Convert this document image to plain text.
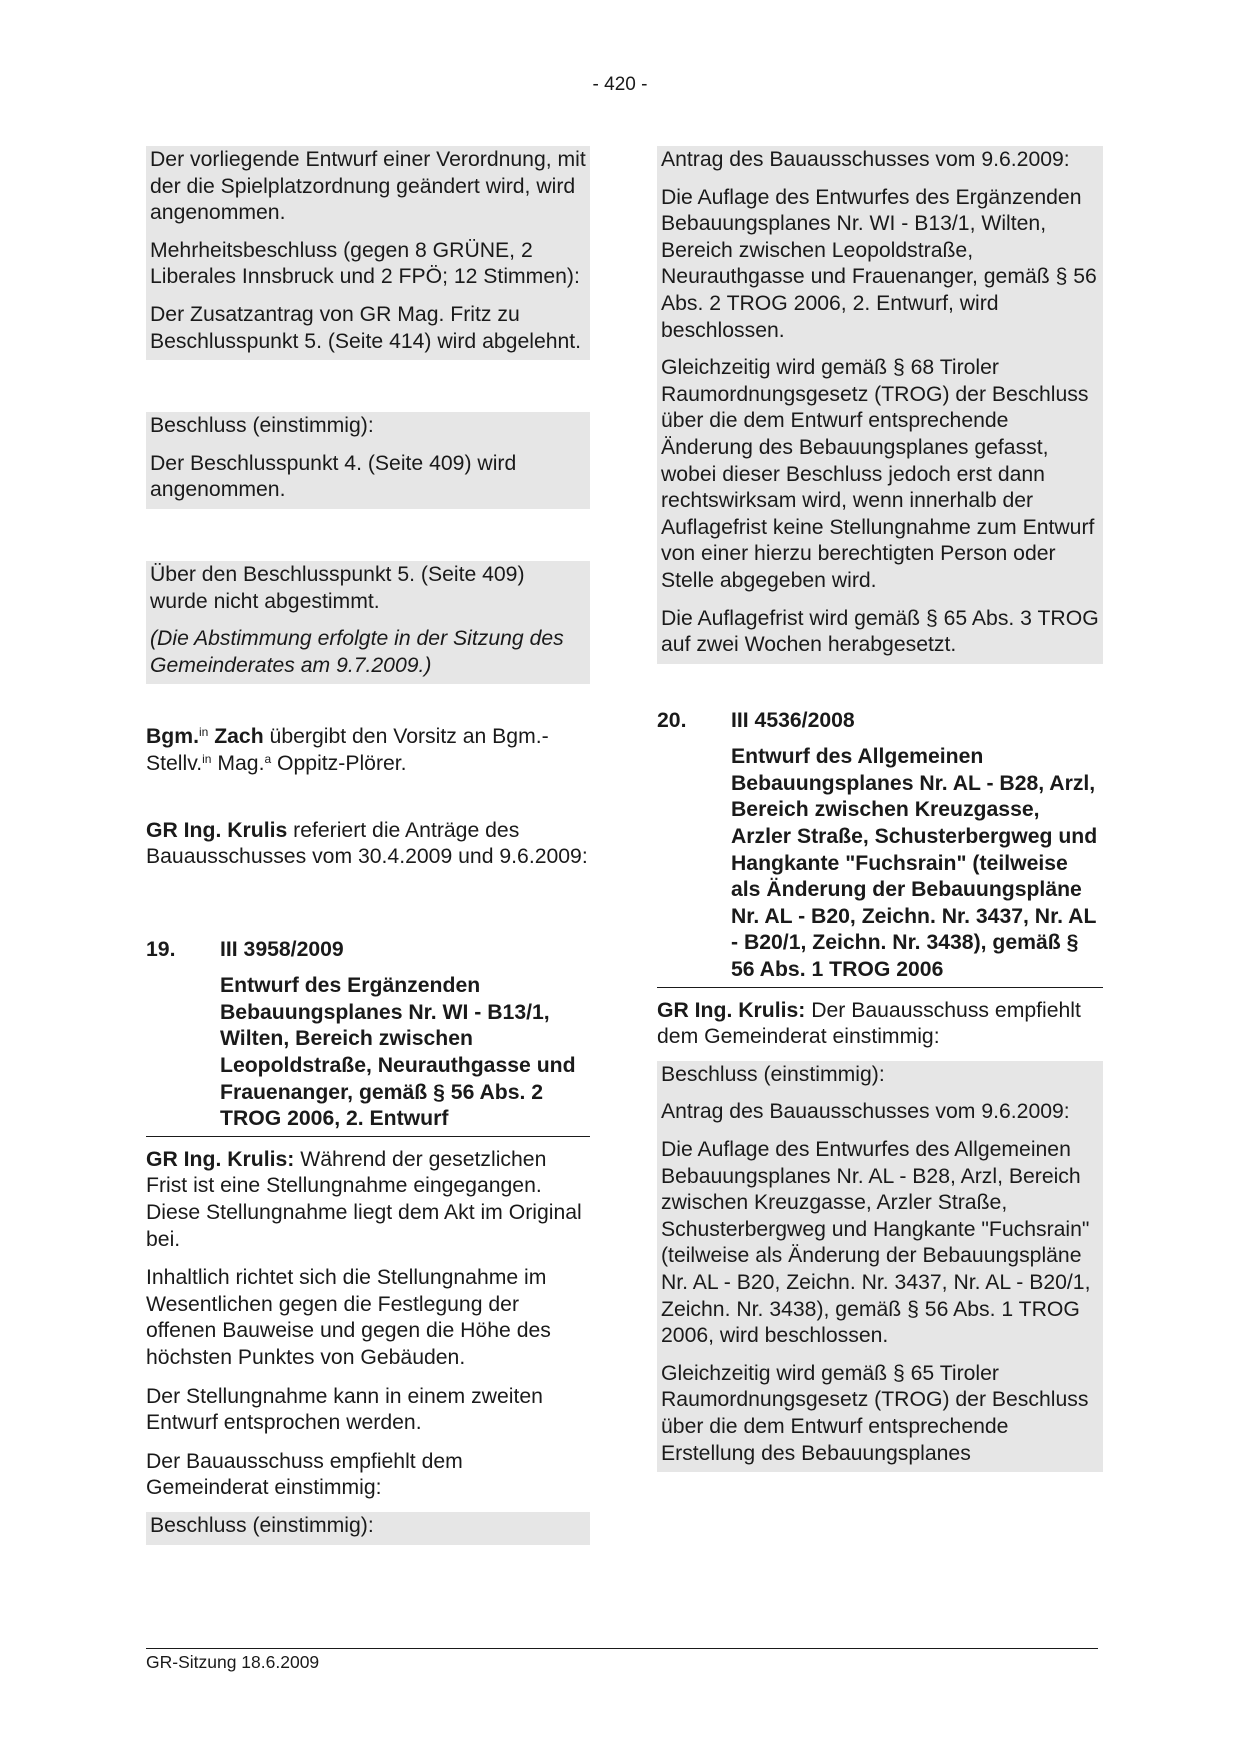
- 420 -

Der vorliegende Entwurf einer Verordnung, mit der die Spielplatzordnung geändert wird, wird angenommen.

Mehrheitsbeschluss (gegen 8 GRÜNE, 2 Liberales Innsbruck und 2 FPÖ; 12 Stimmen):

Der Zusatzantrag von GR Mag. Fritz zu Beschlusspunkt 5. (Seite 414) wird abgelehnt.

Beschluss (einstimmig):

Der Beschlusspunkt 4. (Seite 409) wird angenommen.

Über den Beschlusspunkt 5. (Seite 409) wurde nicht abgestimmt.

(Die Abstimmung erfolgte in der Sitzung des Gemeinderates am 9.7.2009.)

Bgm.$^{in}$ Zach übergibt den Vorsitz an Bgm.-Stellv.$^{in}$ Mag.$^a$ Oppitz-Plörer.

GR Ing. Krulis referiert die Anträge des Bauausschusses vom 30.4.2009 und 9.6.2009:

19.	III 3958/2009
Entwurf des Ergänzenden Bebauungsplanes Nr. WI - B13/1, Wilten, Bereich zwischen Leopoldstraße, Neurauthgasse und Frauenanger, gemäß § 56 Abs. 2 TROG 2006, 2. Entwurf

GR Ing. Krulis: Während der gesetzlichen Frist ist eine Stellungnahme eingegangen. Diese Stellungnahme liegt dem Akt im Original bei.

Inhaltlich richtet sich die Stellungnahme im Wesentlichen gegen die Festlegung der offenen Bauweise und gegen die Höhe des höchsten Punktes von Gebäuden.

Der Stellungnahme kann in einem zweiten Entwurf entsprochen werden.

Der Bauausschuss empfiehlt dem Gemeinderat einstimmig:

Beschluss (einstimmig):

Antrag des Bauausschusses vom 9.6.2009:

Die Auflage des Entwurfes des Ergänzenden Bebauungsplanes Nr. WI - B13/1, Wilten, Bereich zwischen Leopoldstraße, Neurauthgasse und Frauenanger, gemäß § 56 Abs. 2 TROG 2006, 2. Entwurf, wird beschlossen.

Gleichzeitig wird gemäß § 68 Tiroler Raumordnungsgesetz (TROG) der Beschluss über die dem Entwurf entsprechende Änderung des Bebauungsplanes gefasst, wobei dieser Beschluss jedoch erst dann rechtswirksam wird, wenn innerhalb der Auflagefrist keine Stellungnahme zum Entwurf von einer hierzu berechtigten Person oder Stelle abgegeben wird.

Die Auflagefrist wird gemäß § 65 Abs. 3 TROG auf zwei Wochen herabgesetzt.

20.	III 4536/2008
Entwurf des Allgemeinen Bebauungsplanes Nr. AL - B28, Arzl, Bereich zwischen Kreuzgasse, Arzler Straße, Schusterbergweg und Hangkante "Fuchsrain" (teilweise als Änderung der Bebauungspläne Nr. AL - B20, Zeichn. Nr. 3437, Nr. AL - B20/1, Zeichn. Nr. 3438), gemäß § 56 Abs. 1 TROG 2006

GR Ing. Krulis: Der Bauausschuss empfiehlt dem Gemeinderat einstimmig:

Beschluss (einstimmig):

Antrag des Bauausschusses vom 9.6.2009:

Die Auflage des Entwurfes des Allgemeinen Bebauungsplanes Nr. AL - B28, Arzl, Bereich zwischen Kreuzgasse, Arzler Straße, Schusterbergweg und Hangkante "Fuchsrain" (teilweise als Änderung der Bebauungspläne Nr. AL - B20, Zeichn. Nr. 3437, Nr. AL - B20/1, Zeichn. Nr. 3438), gemäß § 56 Abs. 1 TROG 2006, wird beschlossen.

Gleichzeitig wird gemäß § 65 Tiroler Raumordnungsgesetz (TROG) der Beschluss über die dem Entwurf entsprechende Erstellung des Bebauungsplanes

GR-Sitzung 18.6.2009
